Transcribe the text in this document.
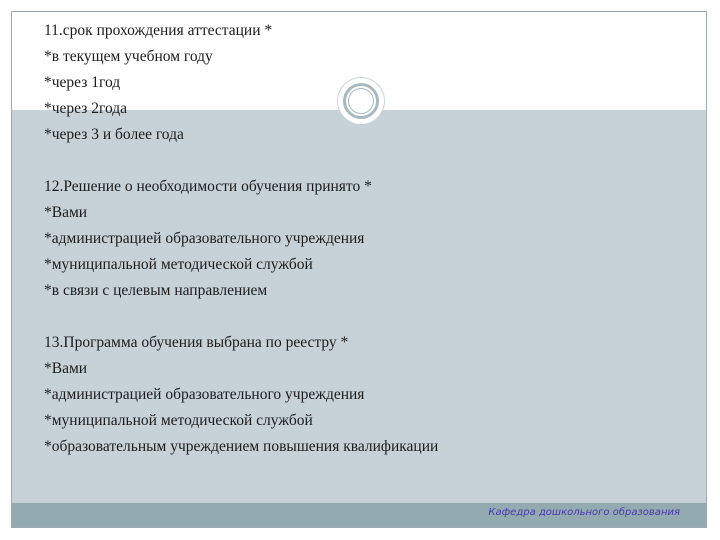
Кафедра дошкольного образования

11.срок прохождения аттестации *

*в текущем учебном году

*через 1год

*через 2года

*через 3 и более года

12.Решение о необходимости обучения принято *

*Вами

*администрацией образовательного учреждения

*муниципальной методической службой

*в связи с целевым направлением

13.Программа обучения выбрана по реестру *

*Вами

*администрацией образовательного учреждения

*муниципальной методической службой

*образовательным учреждением повышения квалификации
